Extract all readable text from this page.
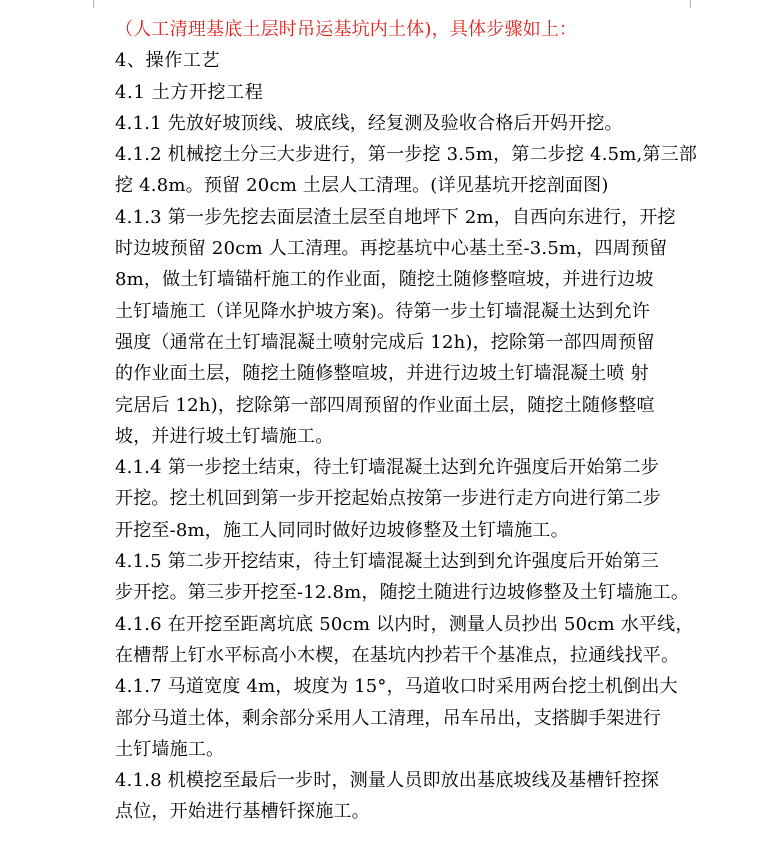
（人工清理基底土层时吊运基坑内土体)，具体步骤如上：
4、操作工艺
4.1 土方开挖工程
4.1.1 先放好坡顶线、坡底线，经复测及验收合格后开妈开挖。
4.1.2 机械挖土分三大步进行，第一步挖 3.5m，第二步挖 4.5m,第三部
挖 4.8m。预留 20cm 土层人工清理。(详见基坑开挖剖面图)
4.1.3 第一步先挖去面层渣土层至自地坪下 2m，自西向东进行，开挖
时边坡预留 20cm 人工清理。再挖基坑中心基土至-3.5m，四周预留
8m，做土钉墙锚杆施工的作业面，随挖土随修整喧坡，并进行边坡
土钉墙施工（详见降水护坡方案)。待第一步土钉墙混凝土达到允许
强度（通常在土钉墙混凝土喷射完成后 12h)，挖除第一部四周预留
的作业面土层，随挖土随修整喧坡，并进行边坡土钉墙混凝土喷 射
完居后 12h)，挖除第一部四周预留的作业面土层，随挖土随修整喧
坡，并进行坡土钉墙施工。
4.1.4 第一步挖土结束，待土钉墙混凝土达到允许强度后开始第二步
开挖。挖土机回到第一步开挖起始点按第一步进行走方向进行第二步
开挖至-8m，施工人同同时做好边坡修整及土钉墙施工。
4.1.5 第二步开挖结束，待土钉墙混凝土达到到允许强度后开始第三
步开挖。第三步开挖至-12.8m，随挖土随进行边坡修整及土钉墙施工。
4.1.6 在开挖至距离坑底 50cm 以内时，测量人员抄出 50cm 水平线，
在槽帮上钉水平标高小木楔，在基坑内抄若干个基准点，拉通线找平。
4.1.7 马道宽度 4m，坡度为 15°，马道收口时采用两台挖土机倒出大
部分马道土体，剩余部分采用人工清理，吊车吊出，支搭脚手架进行
土钉墙施工。
4.1.8 机模挖至最后一步时，测量人员即放出基底坡线及基槽钎控探
点位，开始进行基槽钎探施工。
